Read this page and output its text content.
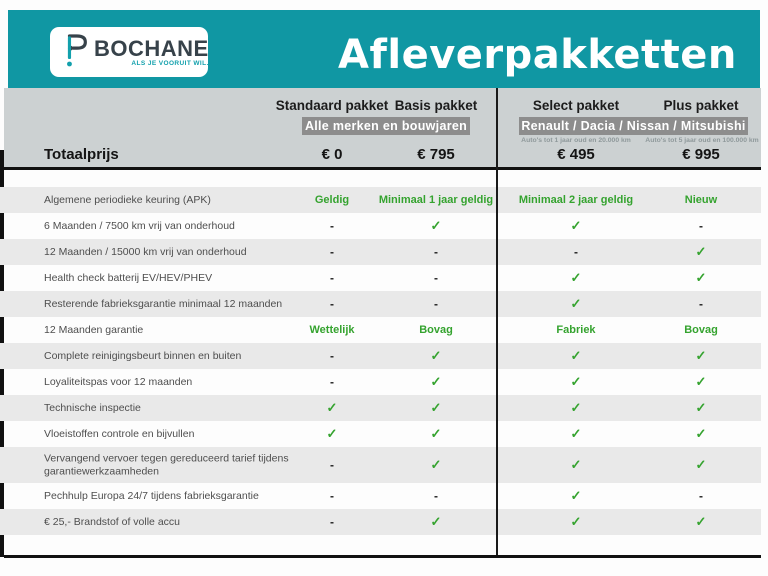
BOCHANE
ALS JE VOORUIT WIL.	Afleverpakketten
Standaard pakket Basis pakket	Select pakket	Plus pakket
Alle merken en bouwjaren	Renault / Dacia / Nissan / Mitsubishi
Auto's tot 1 jaar oud en 20.000 km	Auto's tot 5 jaar oud en 100.000 km
Totaalprijs	€ 0	€ 795	€ 495	€ 995
Algemene periodieke keuring (APK)	Geldig	Minimaal 1 jaar geldig	Minimaal 2 jaar geldig	Nieuw
6 Maanden / 7500 km vrij van onderhoud	-	✓	✓	-
12 Maanden / 15000 km vrij van onderhoud	-	-	-	✓
Health check batterij EV/HEV/PHEV	-	-	✓	✓
Resterende fabrieksgarantie minimaal 12 maanden	-	-	✓	-
12 Maanden garantie	Wettelijk	Bovag	Fabriek	Bovag
Complete reinigingsbeurt binnen en buiten	-	✓	✓	✓
Loyaliteitspas voor 12 maanden	-	✓	✓	✓
Technische inspectie	✓	✓	✓	✓
Vloeistoffen controle en bijvullen	✓	✓	✓	✓
Vervangend vervoer tegen gereduceerd tarief tijdens garantiewerkzaamheden	-	✓	✓	✓
Pechhulp Europa 24/7 tijdens fabrieksgarantie	-	-	✓	-
€ 25,- Brandstof of volle accu	-	✓	✓	✓
